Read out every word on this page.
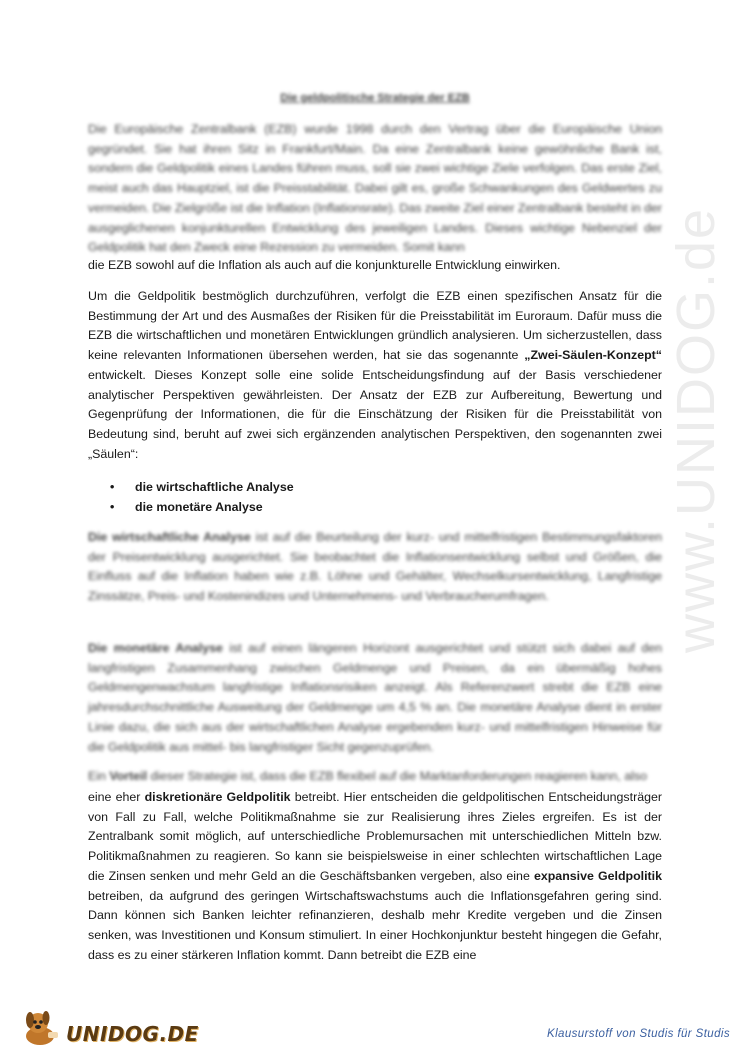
www.UNIDOG.de
Die geldpolitische Strategie der EZB
Die Europäische Zentralbank (EZB) wurde 1998 durch den Vertrag über die Europäische Union gegründet. Sie hat ihren Sitz in Frankfurt/Main. Da eine Zentralbank keine gewöhnliche Bank ist, sondern die Geldpolitik eines Landes führen muss, soll sie zwei wichtige Ziele verfolgen. Das erste Ziel, meist auch das Hauptziel, ist die Preisstabilität. Dabei gilt es, große Schwankungen des Geldwertes zu vermeiden. Die Zielgröße ist die Inflation (Inflationsrate). Das zweite Ziel einer Zentralbank besteht in der ausgeglichenen konjunkturellen Entwicklung des jeweiligen Landes. Dieses wichtige Nebenziel der Geldpolitik hat den Zweck eine Rezession zu vermeiden. Somit kann
die EZB sowohl auf die Inflation als auch auf die konjunkturelle Entwicklung einwirken.
Um die Geldpolitik bestmöglich durchzuführen, verfolgt die EZB einen spezifischen Ansatz für die Bestimmung der Art und des Ausmaßes der Risiken für die Preisstabilität im Euroraum. Dafür muss die EZB die wirtschaftlichen und monetären Entwicklungen gründlich analysieren. Um sicherzustellen, dass keine relevanten Informationen übersehen werden, hat sie das sogenannte „Zwei-Säulen-Konzept“ entwickelt. Dieses Konzept solle eine solide Entscheidungsfindung auf der Basis verschiedener analytischer Perspektiven gewährleisten. Der Ansatz der EZB zur Aufbereitung, Bewertung und Gegenprüfung der Informationen, die für die Einschätzung der Risiken für die Preisstabilität von Bedeutung sind, beruht auf zwei sich ergänzenden analytischen Perspektiven, den sogenannten zwei „Säulen“:
• die wirtschaftliche Analyse
• die monetäre Analyse
Die wirtschaftliche Analyse ist auf die Beurteilung der kurz- und mittelfristigen Bestimmungsfaktoren der Preisentwicklung ausgerichtet. Sie beobachtet die Inflationsentwicklung selbst und Größen, die Einfluss auf die Inflation haben wie z.B. Löhne und Gehälter, Wechselkursentwicklung, Langfristige Zinssätze, Preis- und Kostenindizes und Unternehmens- und Verbraucherumfragen.
Die monetäre Analyse ist auf einen längeren Horizont ausgerichtet und stützt sich dabei auf den langfristigen Zusammenhang zwischen Geldmenge und Preisen, da ein übermäßig hohes Geldmengenwachstum langfristige Inflationsrisiken anzeigt. Als Referenzwert strebt die EZB eine jahresdurchschnittliche Ausweitung der Geldmenge um 4,5 % an. Die monetäre Analyse dient in erster Linie dazu, die sich aus der wirtschaftlichen Analyse ergebenden kurz- und mittelfristigen Hinweise für die Geldpolitik aus mittel- bis langfristiger Sicht gegenzuprüfen.
Ein Vorteil dieser Strategie ist, dass die EZB flexibel auf die Marktanforderungen reagieren kann, also
eine eher diskretionäre Geldpolitik betreibt. Hier entscheiden die geldpolitischen Entscheidungsträger von Fall zu Fall, welche Politikmaßnahme sie zur Realisierung ihres Zieles ergreifen. Es ist der Zentralbank somit möglich, auf unterschiedliche Problemursachen mit unterschiedlichen Mitteln bzw. Politikmaßnahmen zu reagieren. So kann sie beispielsweise in einer schlechten wirtschaftlichen Lage die Zinsen senken und mehr Geld an die Geschäftsbanken vergeben, also eine expansive Geldpolitik betreiben, da aufgrund des geringen Wirtschaftswachstums auch die Inflationsgefahren gering sind. Dann können sich Banken leichter refinanzieren, deshalb mehr Kredite vergeben und die Zinsen senken, was Investitionen und Konsum stimuliert. In einer Hochkonjunktur besteht hingegen die Gefahr, dass es zu einer stärkeren Inflation kommt. Dann betreibt die EZB eine
UNIDOG.DE	Klausurstoff von Studis für Studis
